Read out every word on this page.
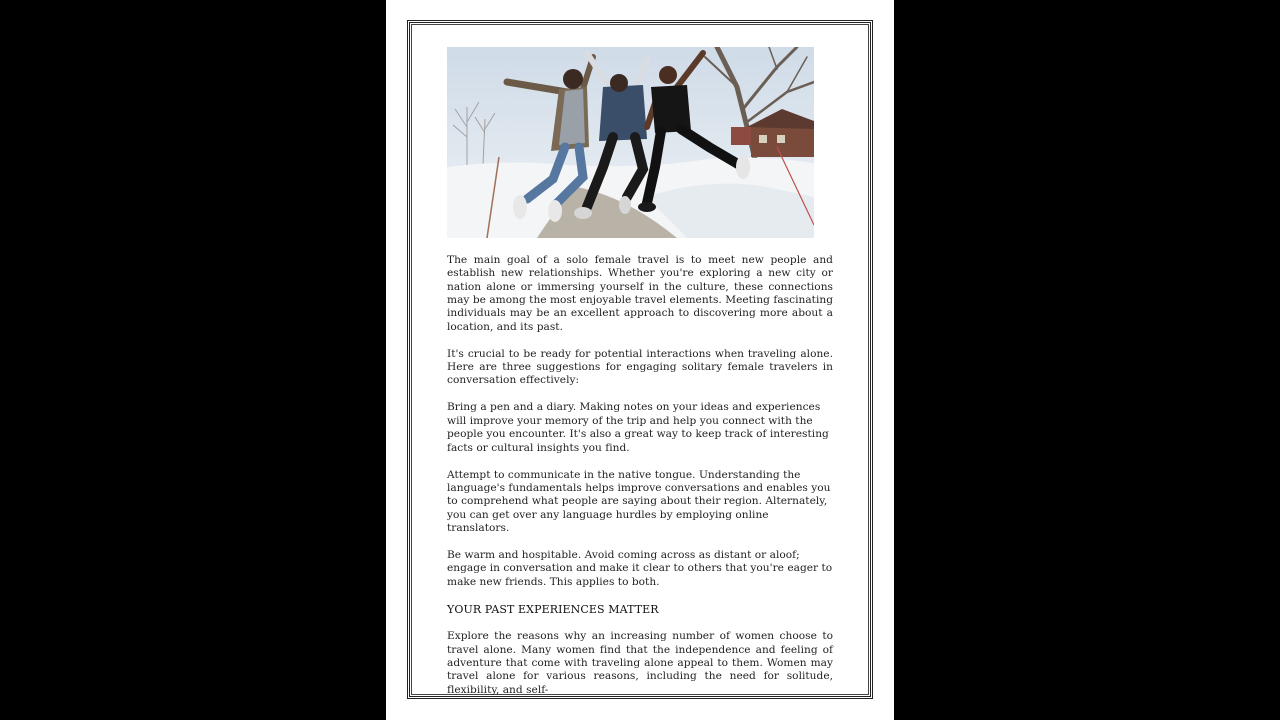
The main goal of a solo female travel is to meet new people and establish new relationships. Whether you're exploring a new city or nation alone or immersing yourself in the culture, these connections may be among the most enjoyable travel elements. Meeting fascinating individuals may be an excellent approach to discovering more about a location, and its past.

It's crucial to be ready for potential interactions when traveling alone. Here are three suggestions for engaging solitary female travelers in conversation effectively:

Bring a pen and a diary. Making notes on your ideas and experiences will improve your memory of the trip and help you connect with the people you encounter. It's also a great way to keep track of interesting facts or cultural insights you find.

Attempt to communicate in the native tongue. Understanding the language's fundamentals helps improve conversations and enables you to comprehend what people are saying about their region. Alternately, you can get over any language hurdles by employing online translators.

Be warm and hospitable. Avoid coming across as distant or aloof; engage in conversation and make it clear to others that you're eager to make new friends. This applies to both.

YOUR PAST EXPERIENCES MATTER

Explore the reasons why an increasing number of women choose to travel alone. Many women find that the independence and feeling of adventure that come with traveling alone appeal to them. Women may travel alone for various reasons, including the need for solitude, flexibility, and self-
